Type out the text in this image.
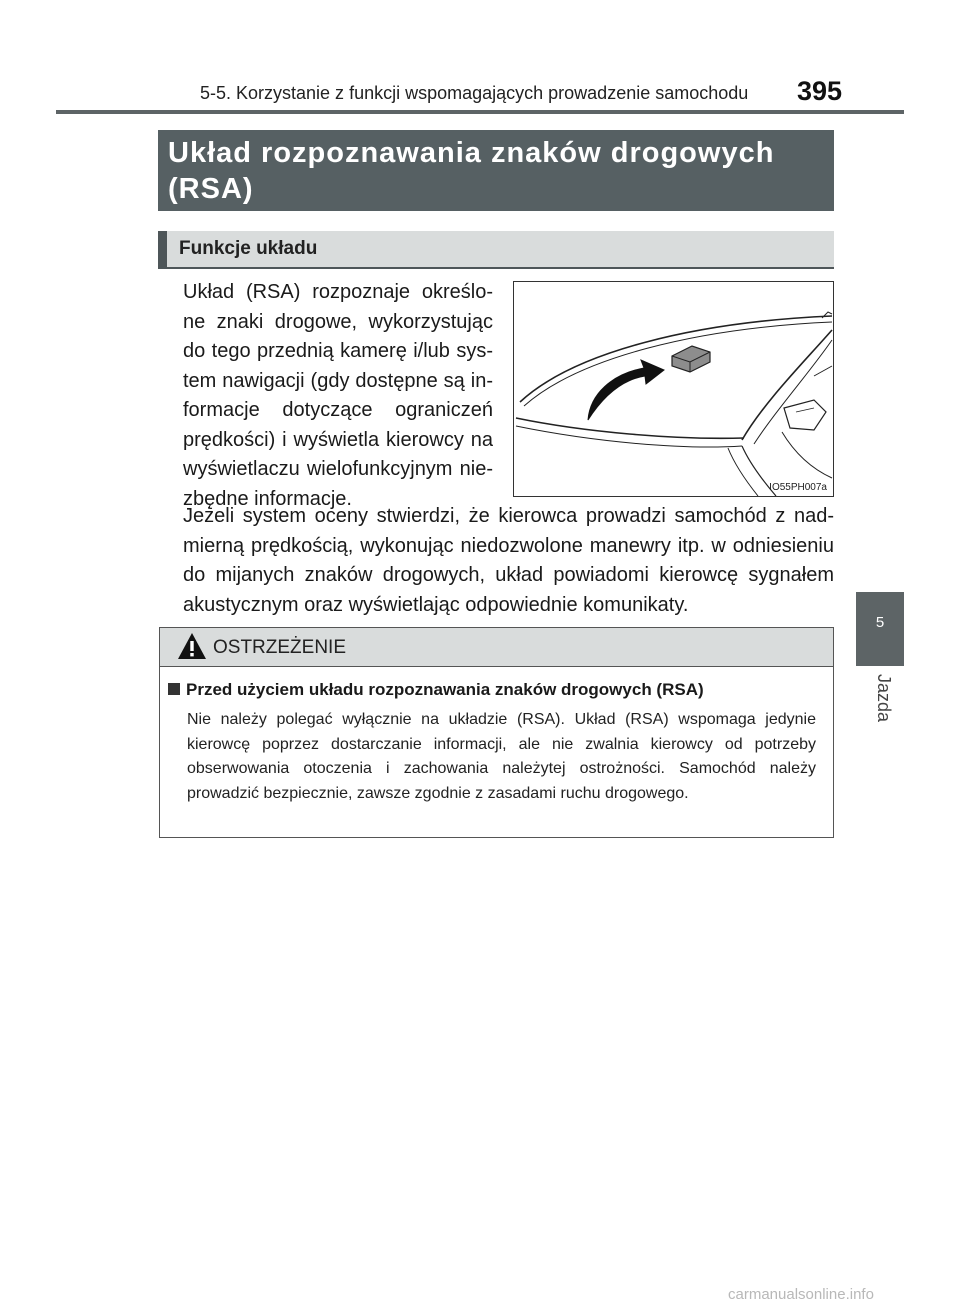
5-5. Korzystanie z funkcji wspomagających prowadzenie samochodu	395
5
Jazda
Układ rozpoznawania znaków drogowych (RSA)
Funkcje układu
Układ (RSA) rozpoznaje określo-ne znaki drogowe, wykorzystując do tego przednią kamerę i/lub sys-tem nawigacji (gdy dostępne są in-formacje dotyczące ograniczeń prędkości) i wyświetla kierowcy na wyświetlaczu wielofunkcyjnym nie-zbędne informacje.	IO55PH007a
Jeżeli system oceny stwierdzi, że kierowca prowadzi samochód z nad-mierną prędkością, wykonując niedozwolone manewry itp. w odniesieniu do mijanych znaków drogowych, układ powiadomi kierowcę sygnałem akustycznym oraz wyświetlając odpowiednie komunikaty.
OSTRZEŻENIE
Przed użyciem układu rozpoznawania znaków drogowych (RSA)
Nie należy polegać wyłącznie na układzie (RSA). Układ (RSA) wspomaga jedynie kierowcę poprzez dostarczanie informacji, ale nie zwalnia kierowcy od potrzeby obserwowania otoczenia i zachowania należytej ostrożności. Samochód należy prowadzić bezpiecznie, zawsze zgodnie z zasadami ruchu drogowego.
carmanualsonline.info
